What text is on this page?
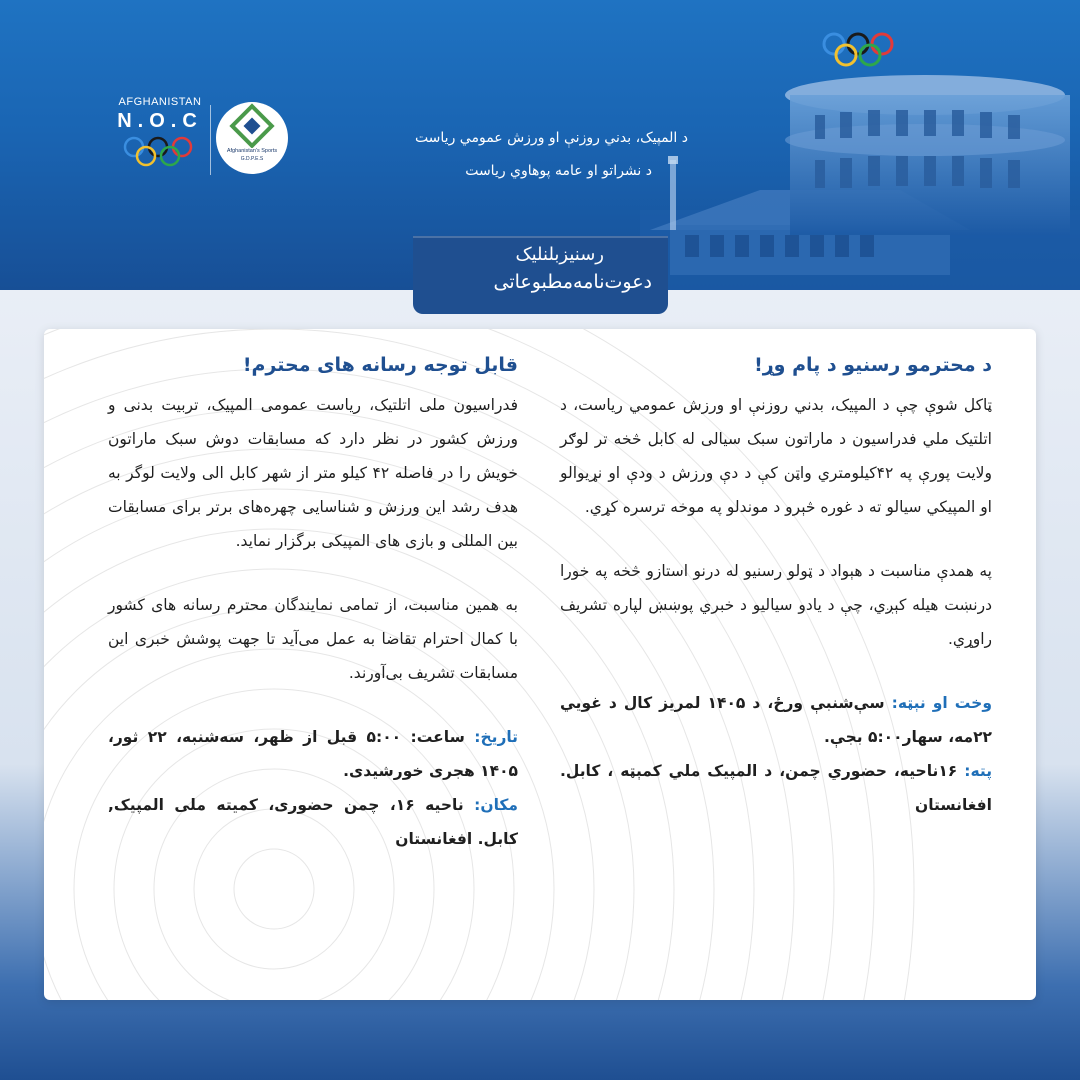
AFGHANISTAN
N.O.C
Afghanistan's Sports
G.D.P.E.S
د المپیک، بدني روزنې او ورزش عمومي ریاست
د نشراتو او عامه پوهاوي ریاست
د محترمو رسنیو د پام وړ!

ټاکل شوې چې د المپیک، بدني روزنې او ورزش عمومي ریاست، د اتلتیک ملي فدراسیون د ماراتون سبک سیالی له کابل څخه تر لوګر ولایت پورې په ۴۲کیلومتري واټن کې د دې ورزش د ودې او نړیوالو او المپیکي سیالو ته د غوره څېرو د موندلو په موخه ترسره کړي.

په همدې مناسبت د هېواد د ټولو رسنیو له درنو استازو څخه په خورا درنښت هیله کېږي، چې د یادو سیالیو د خبري پوښښ لپاره تشریف راوړي.

وخت او نېټه: سې‌شنبې ورځ، د ۱۴۰۵ لمریز کال د غويي ۲۲مه، سهار۵:۰۰ بجې.

پته: ۱۶ناحیه، حضوري چمن، د المپیک ملي کمېټه ، کابل. افغانستان

قابل توجه رسانه های محترم!

فدراسیون ملی اتلتیک، ریاست عمومی المپیک، تربیت بدنی و ورزش کشور در نظر دارد که مسابقات دوش سبک ماراتون خویش را در فاصله ۴۲ کیلو متر از شهر کابل الی ولایت لوگر به هدف رشد این ورزش و شناسایی چهره‌های برتر برای مسابقات بین المللی و بازی های المپیکی برگزار نماید.

به همین مناسبت، از تمامی نمایندگان محترم رسانه های کشور با کمال احترام تقاضا به عمل می‌آید تا جهت پوشش خبری این مسابقات تشریف بی‌آورند.

تاریخ: ساعت: ۵:۰۰ قبل از ظهر، سه‌شنبه، ۲۲ ثور، ۱۴۰۵ هجری خورشیدی.

مکان: ناحیه ۱۶، چمن حضوری، کمیته ملی المپیک, کابل. افغانستان

رسنیزبلنلیک
دعوت‌نامه‌مطبوعاتی
